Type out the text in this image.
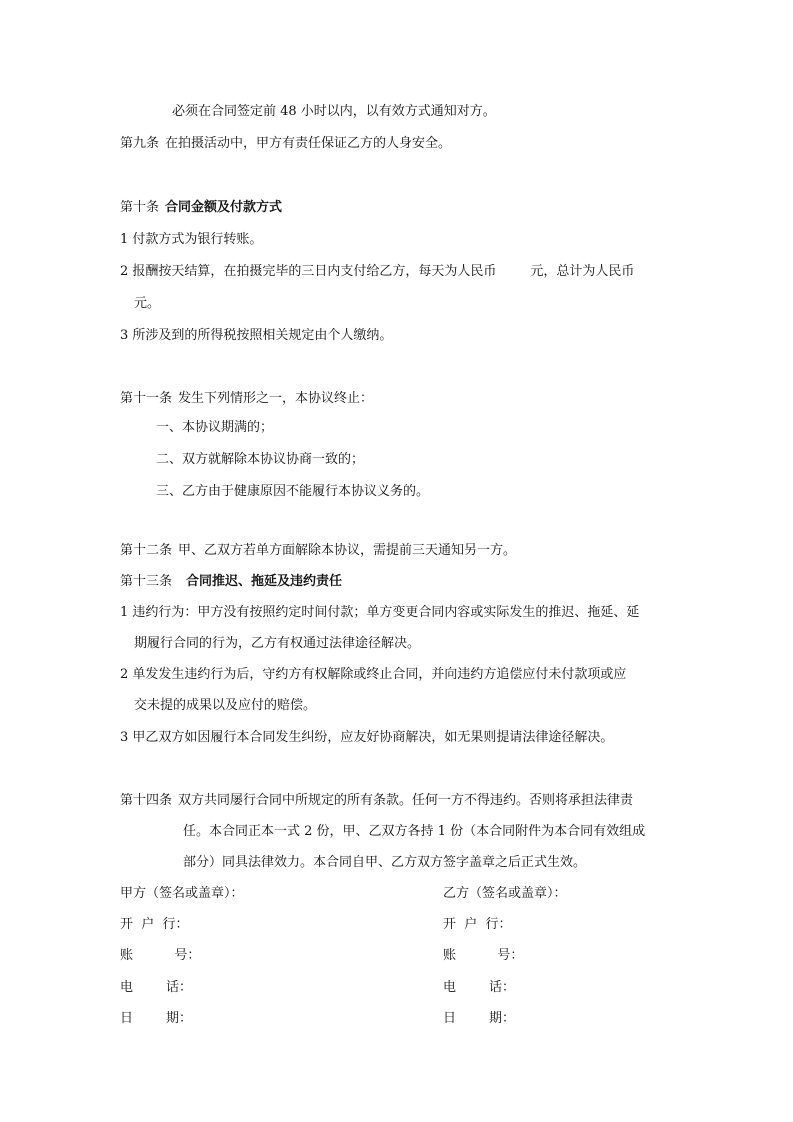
必须在合同签定前 48 小时以内，以有效方式通知对方。
第九条 在拍摄活动中，甲方有责任保证乙方的人身安全。
第十条 合同金额及付款方式
1 付款方式为银行转账。
2 报酬按天结算，在拍摄完毕的三日内支付给乙方，每天为人民币	元，总计为人民币
元。
3 所涉及到的所得税按照相关规定由个人缴纳。
第十一条 发生下列情形之一，本协议终止：
一、本协议期满的；
二、双方就解除本协议协商一致的；
三、乙方由于健康原因不能履行本协议义务的。
第十二条 甲、乙双方若单方面解除本协议，需提前三天通知另一方。
第十三条 合同推迟、拖延及违约责任
1 违约行为：甲方没有按照约定时间付款；单方变更合同内容或实际发生的推迟、拖延、延
期履行合同的行为，乙方有权通过法律途径解决。
2 单发发生违约行为后，守约方有权解除或终止合同，并向违约方追偿应付未付款项或应
交未提的成果以及应付的赔偿。
3 甲乙双方如因履行本合同发生纠纷，应友好协商解决，如无果则提请法律途径解决。
第十四条 双方共同屡行合同中所规定的所有条款。任何一方不得违约。否则将承担法律责
任。本合同正本一式 2 份，甲、乙双方各持 1 份（本合同附件为本合同有效组成
部分）同具法律效力。本合同自甲、乙方双方签字盖章之后正式生效。
甲方（签名或盖章）：	乙方（签名或盖章）：
开  户  行：	开  户  行：
账          号：	账          号：
电        话：	电        话：
日        期：	日        期：
